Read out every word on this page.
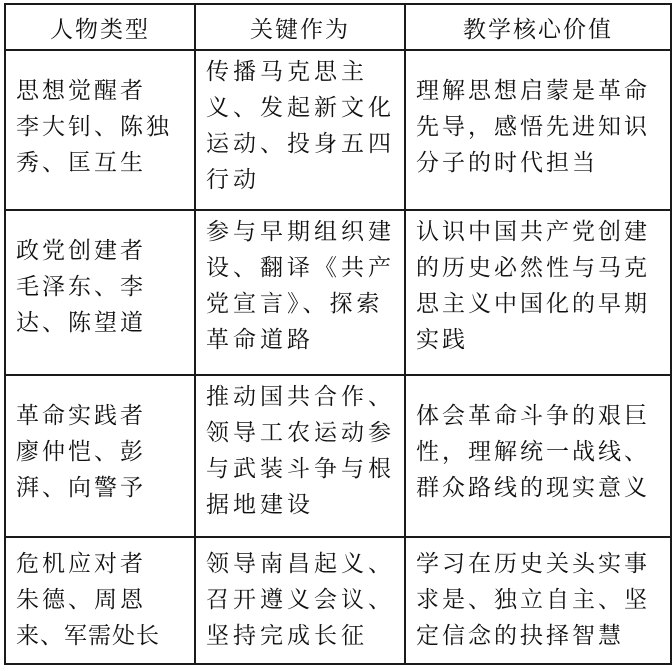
人物类型	关键作为	教学核心价值

思想觉醒者
李大钊、陈独
秀、匡互生	传播马克思主
义、发起新文化
运动、投身五四
行动	理解思想启蒙是革命
先导，感悟先进知识
分子的时代担当

政党创建者
毛泽东、李
达、陈望道	参与早期组织建
设、翻译《共产
党宣言》、探索
革命道路	认识中国共产党创建
的历史必然性与马克
思主义中国化的早期
实践

革命实践者
廖仲恺、彭
湃、向警予	推动国共合作、
领导工农运动参
与武装斗争与根
据地建设	体会革命斗争的艰巨
性，理解统一战线、
群众路线的现实意义

危机应对者
朱德、周恩
来、军需处长	领导南昌起义、
召开遵义会议、
坚持完成长征	学习在历史关头实事
求是、独立自主、坚
定信念的抉择智慧
